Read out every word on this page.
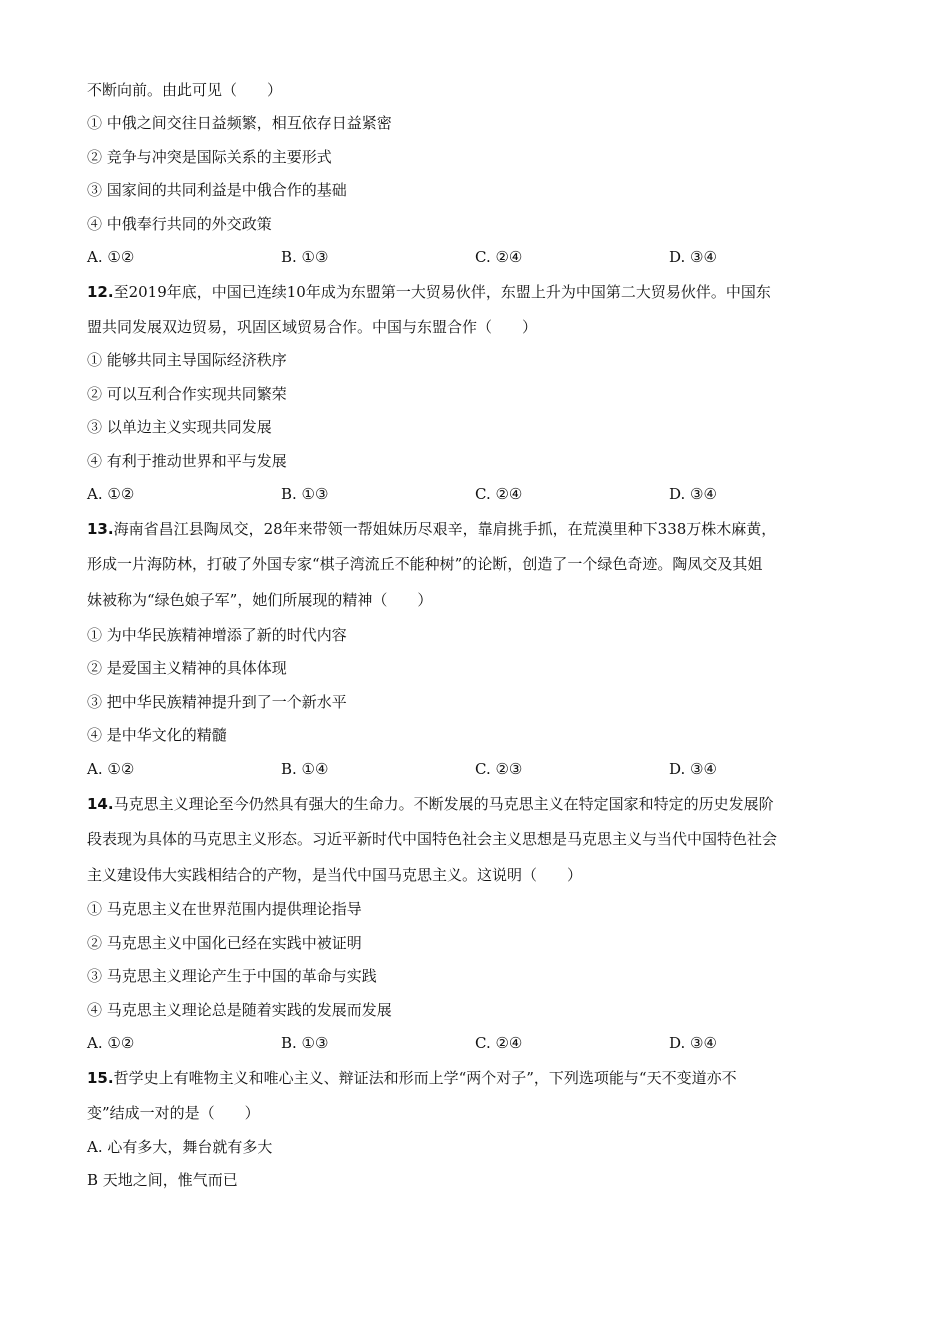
不断向前。由此可见（　　）
① 中俄之间交往日益频繁，相互依存日益紧密
② 竞争与冲突是国际关系的主要形式
③ 国家间的共同利益是中俄合作的基础
④ 中俄奉行共同的外交政策
A. ①②	B. ①③	C. ②④	D. ③④
12.至2019年底，中国已连续10年成为东盟第一大贸易伙伴，东盟上升为中国第二大贸易伙伴。中国东
盟共同发展双边贸易，巩固区域贸易合作。中国与东盟合作（　　）
① 能够共同主导国际经济秩序
② 可以互利合作实现共同繁荣
③ 以单边主义实现共同发展
④ 有利于推动世界和平与发展
A. ①②	B. ①③	C. ②④	D. ③④
13.海南省昌江县陶凤交，28年来带领一帮姐妹历尽艰辛，靠肩挑手抓，在荒漠里种下338万株木麻黄，
形成一片海防林，打破了外国专家“棋子湾流丘不能种树”的论断，创造了一个绿色奇迹。陶凤交及其姐
妹被称为“绿色娘子军”，她们所展现的精神（　　）
① 为中华民族精神增添了新的时代内容
② 是爱国主义精神的具体体现
③ 把中华民族精神提升到了一个新水平
④ 是中华文化的精髓
A. ①②	B. ①④	C. ②③	D. ③④
14.马克思主义理论至今仍然具有强大的生命力。不断发展的马克思主义在特定国家和特定的历史发展阶
段表现为具体的马克思主义形态。习近平新时代中国特色社会主义思想是马克思主义与当代中国特色社会
主义建设伟大实践相结合的产物，是当代中国马克思主义。这说明（　　）
① 马克思主义在世界范围内提供理论指导
② 马克思主义中国化已经在实践中被证明
③ 马克思主义理论产生于中国的革命与实践
④ 马克思主义理论总是随着实践的发展而发展
A. ①②	B. ①③	C. ②④	D. ③④
15.哲学史上有唯物主义和唯心主义、辩证法和形而上学“两个对子”，下列选项能与“天不变道亦不
变”结成一对的是（　　）
A. 心有多大，舞台就有多大
B 天地之间，惟气而已
